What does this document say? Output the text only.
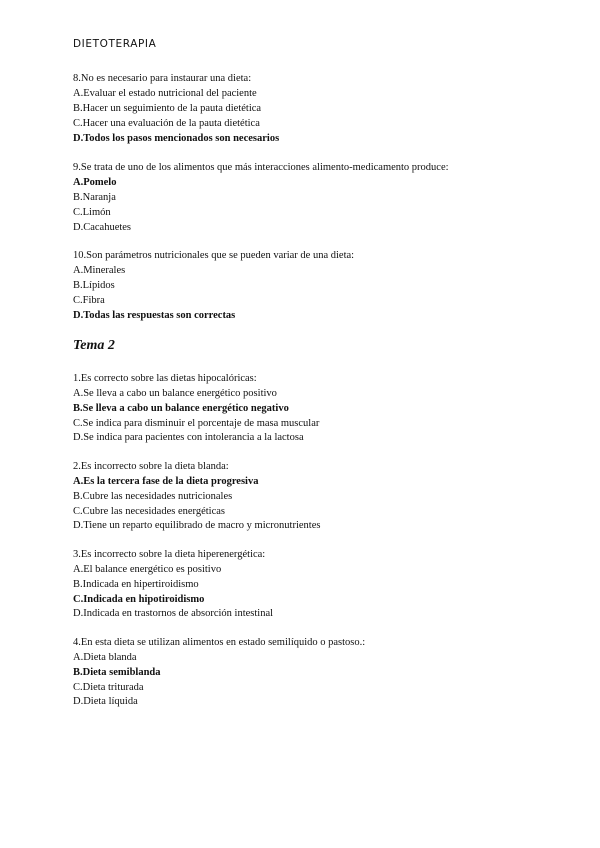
DIETOTERAPIA
8.No es necesario para instaurar una dieta:
A.Evaluar el estado nutricional del paciente
B.Hacer un seguimiento de la pauta dietética
C.Hacer una evaluación de la pauta dietética
D.Todos los pasos mencionados son necesarios
9.Se trata de uno de los alimentos que más interacciones alimento-medicamento produce:
A.Pomelo
B.Naranja
C.Limón
D.Cacahuetes
10.Son parámetros nutricionales que se pueden variar de una dieta:
A.Minerales
B.Lípidos
C.Fibra
D.Todas las respuestas son correctas
Tema 2
1.Es correcto sobre las dietas hipocalóricas:
A.Se lleva a cabo un balance energético positivo
B.Se lleva a cabo un balance energético negativo
C.Se indica para disminuir el porcentaje de masa muscular
D.Se indica para pacientes con intolerancia a la lactosa
2.Es incorrecto sobre la dieta blanda:
A.Es la tercera fase de la dieta progresiva
B.Cubre las necesidades nutricionales
C.Cubre las necesidades energéticas
D.Tiene un reparto equilibrado de macro y micronutrientes
3.Es incorrecto sobre la dieta hiperenergética:
A.El balance energético es positivo
B.Indicada en hipertiroidismo
C.Indicada en hipotiroidismo
D.Indicada en trastornos de absorción intestinal
4.En esta dieta se utilizan alimentos en estado semilíquido o pastoso.:
A.Dieta blanda
B.Dieta semiblanda
C.Dieta triturada
D.Dieta líquida
